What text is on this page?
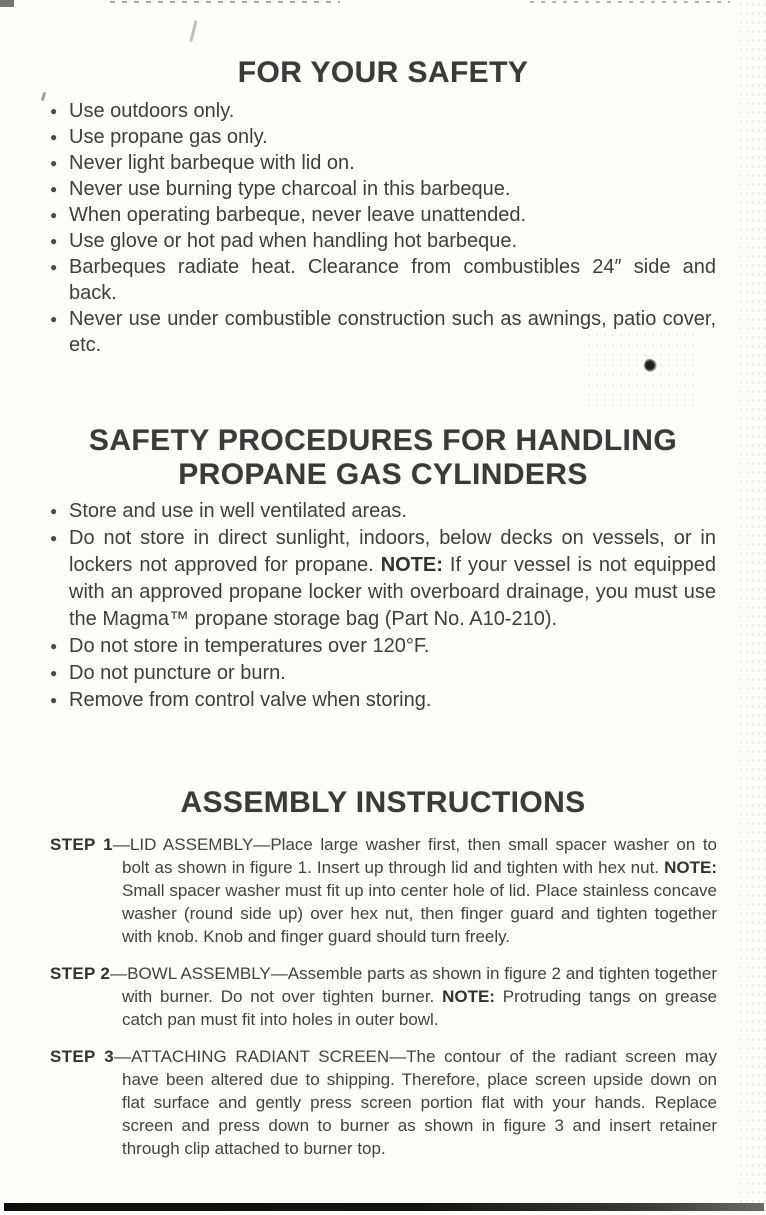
FOR YOUR SAFETY
● Use outdoors only.
● Use propane gas only.
● Never light barbeque with lid on.
● Never use burning type charcoal in this barbeque.
● When operating barbeque, never leave unattended.
● Use glove or hot pad when handling hot barbeque.
● Barbeques radiate heat. Clearance from combustibles 24″ side and back.
● Never use under combustible construction such as awnings, patio cover, etc.
SAFETY PROCEDURES FOR HANDLING
PROPANE GAS CYLINDERS
● Store and use in well ventilated areas.
● Do not store in direct sunlight, indoors, below decks on vessels, or in lockers not approved for propane. NOTE: If your vessel is not equipped with an approved propane locker with overboard drainage, you must use the Magma™ propane storage bag (Part No. A10-210).
● Do not store in temperatures over 120°F.
● Do not puncture or burn.
● Remove from control valve when storing.
ASSEMBLY INSTRUCTIONS

STEP 1—LID ASSEMBLY—Place large washer first, then small spacer washer on to bolt as shown in figure 1. Insert up through lid and tighten with hex nut. NOTE: Small spacer washer must fit up into center hole of lid. Place stainless concave washer (round side up) over hex nut, then finger guard and tighten together with knob. Knob and finger guard should turn freely.

STEP 2—BOWL ASSEMBLY—Assemble parts as shown in figure 2 and tighten together with burner. Do not over tighten burner. NOTE: Protruding tangs on grease catch pan must fit into holes in outer bowl.

STEP 3—ATTACHING RADIANT SCREEN—The contour of the radiant screen may have been altered due to shipping. Therefore, place screen upside down on flat surface and gently press screen portion flat with your hands. Replace screen and press down to burner as shown in figure 3 and insert retainer through clip attached to burner top.
